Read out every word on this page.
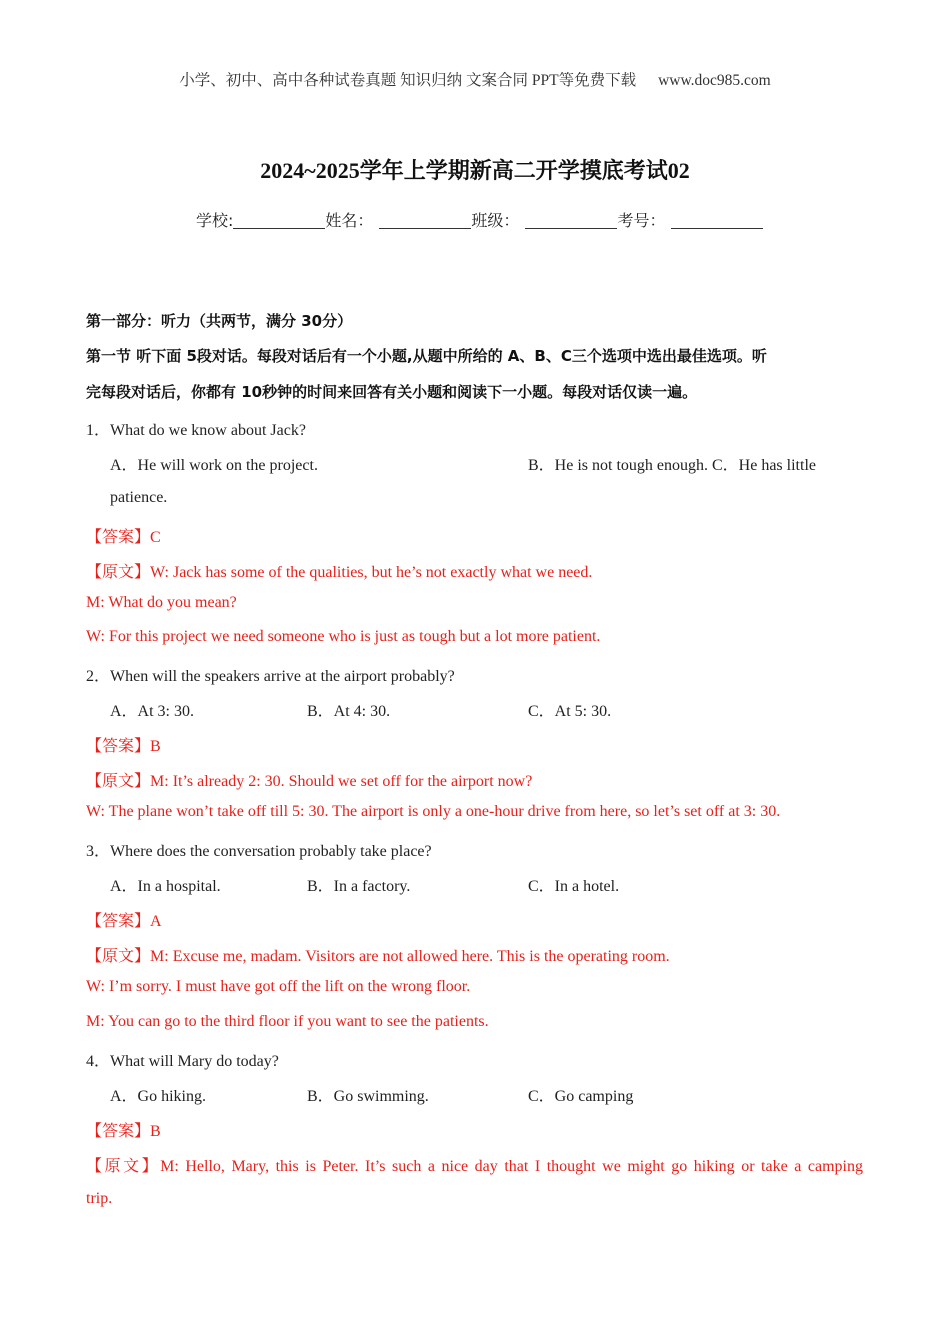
小学、初中、高中各种试卷真题 知识归纳 文案合同 PPT等免费下载 www.doc985.com
2024~2025学年上学期新高二开学摸底考试02
学校:	姓名：	班级：	考号：
第一部分：听力（共两节，满分 30分）
第一节 听下面 5段对话。每段对话后有一个小题,从题中所给的 A、B、C三个选项中选出最佳选项。听
完每段对话后，你都有 10秒钟的时间来回答有关小题和阅读下一小题。每段对话仅读一遍。
1．What do we know about Jack?
A．He will work on the project.	B．He is not tough enough. C．He has little
patience.
【答案】C
【原文】W: Jack has some of the qualities, but he’s not exactly what we need.
M: What do you mean?
W: For this project we need someone who is just as tough but a lot more patient.
2．When will the speakers arrive at the airport probably?
A．At 3: 30.	B．At 4: 30.	C．At 5: 30.
【答案】B
【原文】M: It’s already 2: 30. Should we set off for the airport now?
W: The plane won’t take off till 5: 30. The airport is only a one-hour drive from here, so let’s set off at 3: 30.
3．Where does the conversation probably take place?
A．In a hospital.	B．In a factory.	C．In a hotel.
【答案】A
【原文】M: Excuse me, madam. Visitors are not allowed here. This is the operating room.
W: I’m sorry. I must have got off the lift on the wrong floor.
M: You can go to the third floor if you want to see the patients.
4．What will Mary do today?
A．Go hiking.	B．Go swimming.	C．Go camping
【答案】B
【原文】M: Hello, Mary, this is Peter. It’s such a nice day that I thought we might go hiking or take a camping
trip.
